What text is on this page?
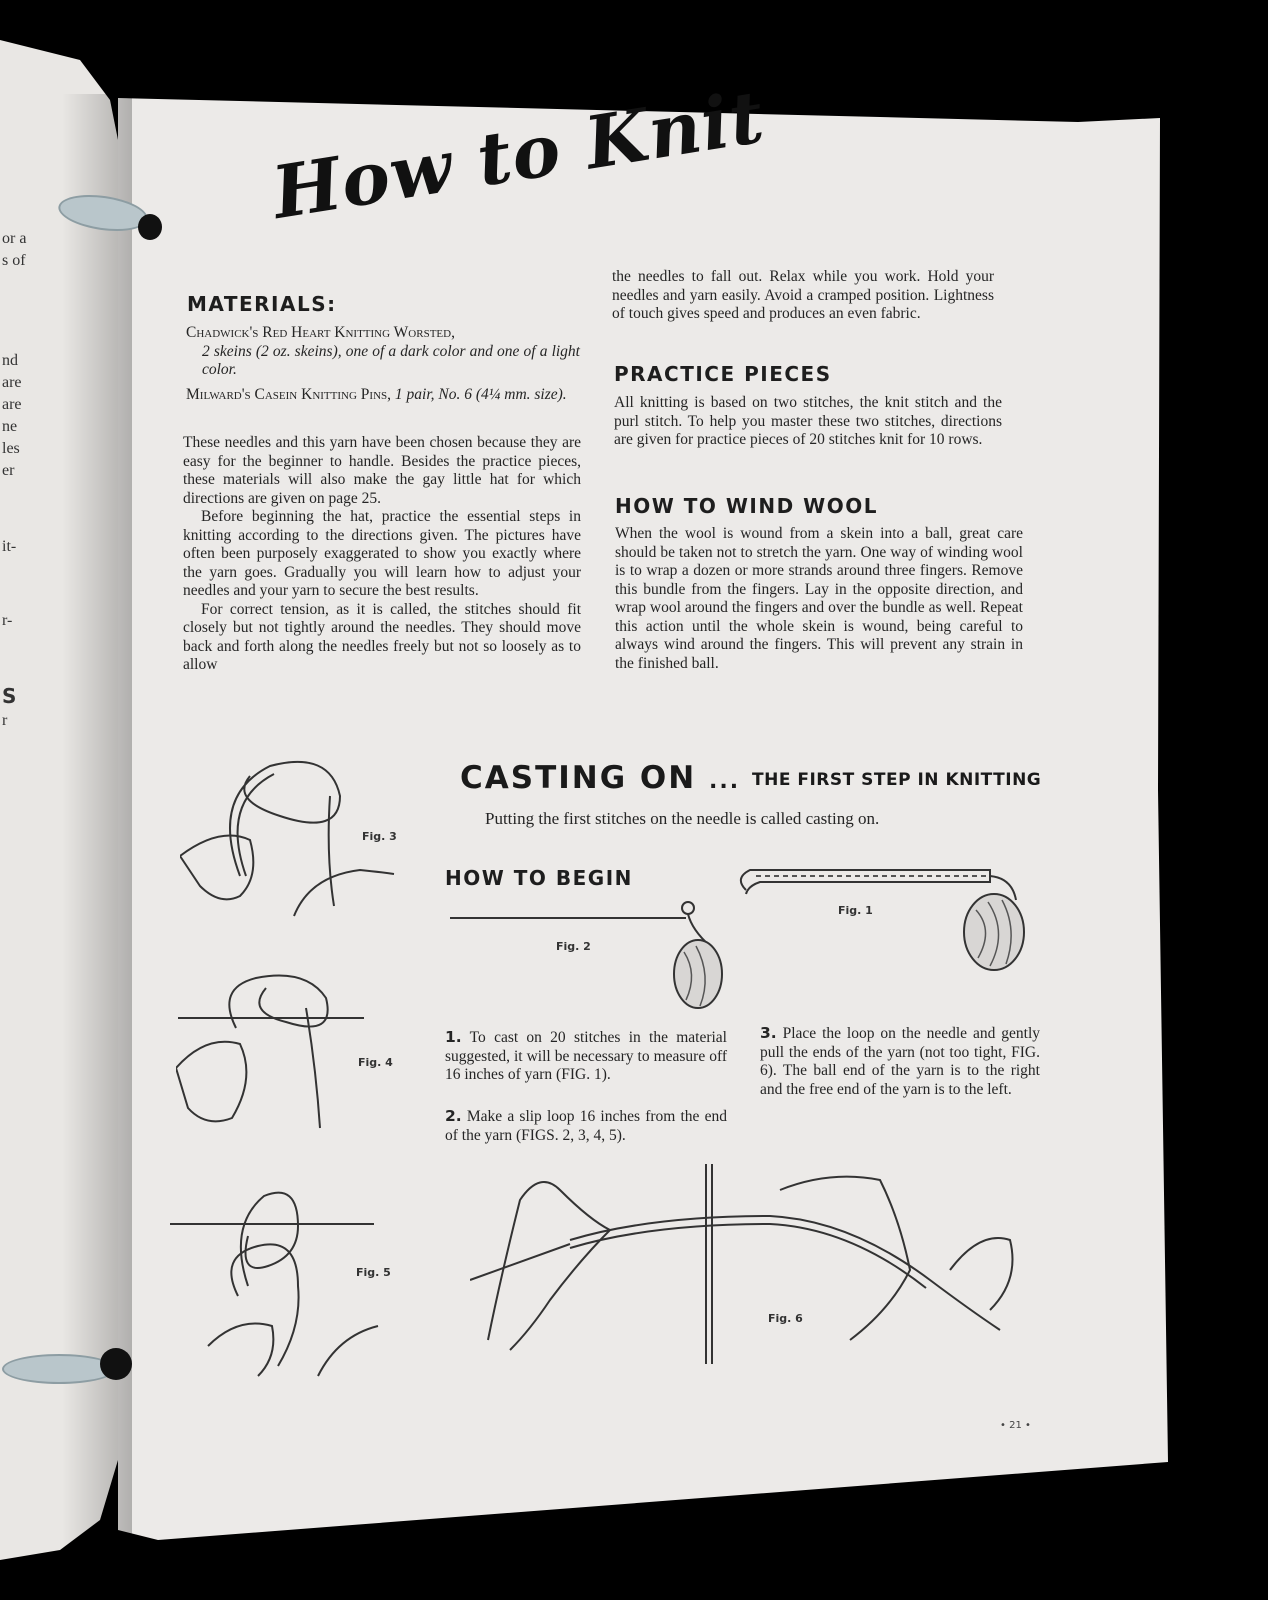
or a
s of
nd
are
are
ne
les
er
it-
r-
S
r
How to Knit
MATERIALS:

Chadwick's Red Heart Knitting Worsted,

2 skeins (2 oz. skeins), one of a dark color and one of a light color.

Milward's Casein Knitting Pins, 1 pair, No. 6 (4¼ mm. size).

These needles and this yarn have been chosen because they are easy for the beginner to handle. Besides the practice pieces, these materials will also make the gay little hat for which directions are given on page 25.

Before beginning the hat, practice the essential steps in knitting according to the directions given. The pictures have often been purposely exaggerated to show you exactly where the yarn goes. Gradually you will learn how to adjust your needles and your yarn to secure the best results.

For correct tension, as it is called, the stitches should fit closely but not tightly around the needles. They should move back and forth along the needles freely but not so loosely as to allow

the needles to fall out. Relax while you work. Hold your needles and yarn easily. Avoid a cramped position. Lightness of touch gives speed and produces an even fabric.
PRACTICE PIECES
All knitting is based on two stitches, the knit stitch and the purl stitch. To help you master these two stitches, directions are given for practice pieces of 20 stitches knit for 10 rows.
HOW TO WIND WOOL
When the wool is wound from a skein into a ball, great care should be taken not to stretch the yarn. One way of winding wool is to wrap a dozen or more strands around three fingers. Remove this bundle from the fingers. Lay in the opposite direction, and wrap wool around the fingers and over the bundle as well. Repeat this action until the whole skein is wound, being careful to always wind around the fingers. This will prevent any strain in the finished ball.
CASTING ON ... THE FIRST STEP IN KNITTING
Putting the first stitches on the needle is called casting on.
HOW TO BEGIN
1. To cast on 20 stitches in the material suggested, it will be necessary to measure off 16 inches of yarn (FIG. 1).
2. Make a slip loop 16 inches from the end of the yarn (FIGS. 2, 3, 4, 5).
3. Place the loop on the needle and gently pull the ends of the yarn (not too tight, FIG. 6). The ball end of the yarn is to the right and the free end of the yarn is to the left.
Fig. 1
Fig. 2
Fig. 3
Fig. 4
Fig. 5
Fig. 6
• 21 •
